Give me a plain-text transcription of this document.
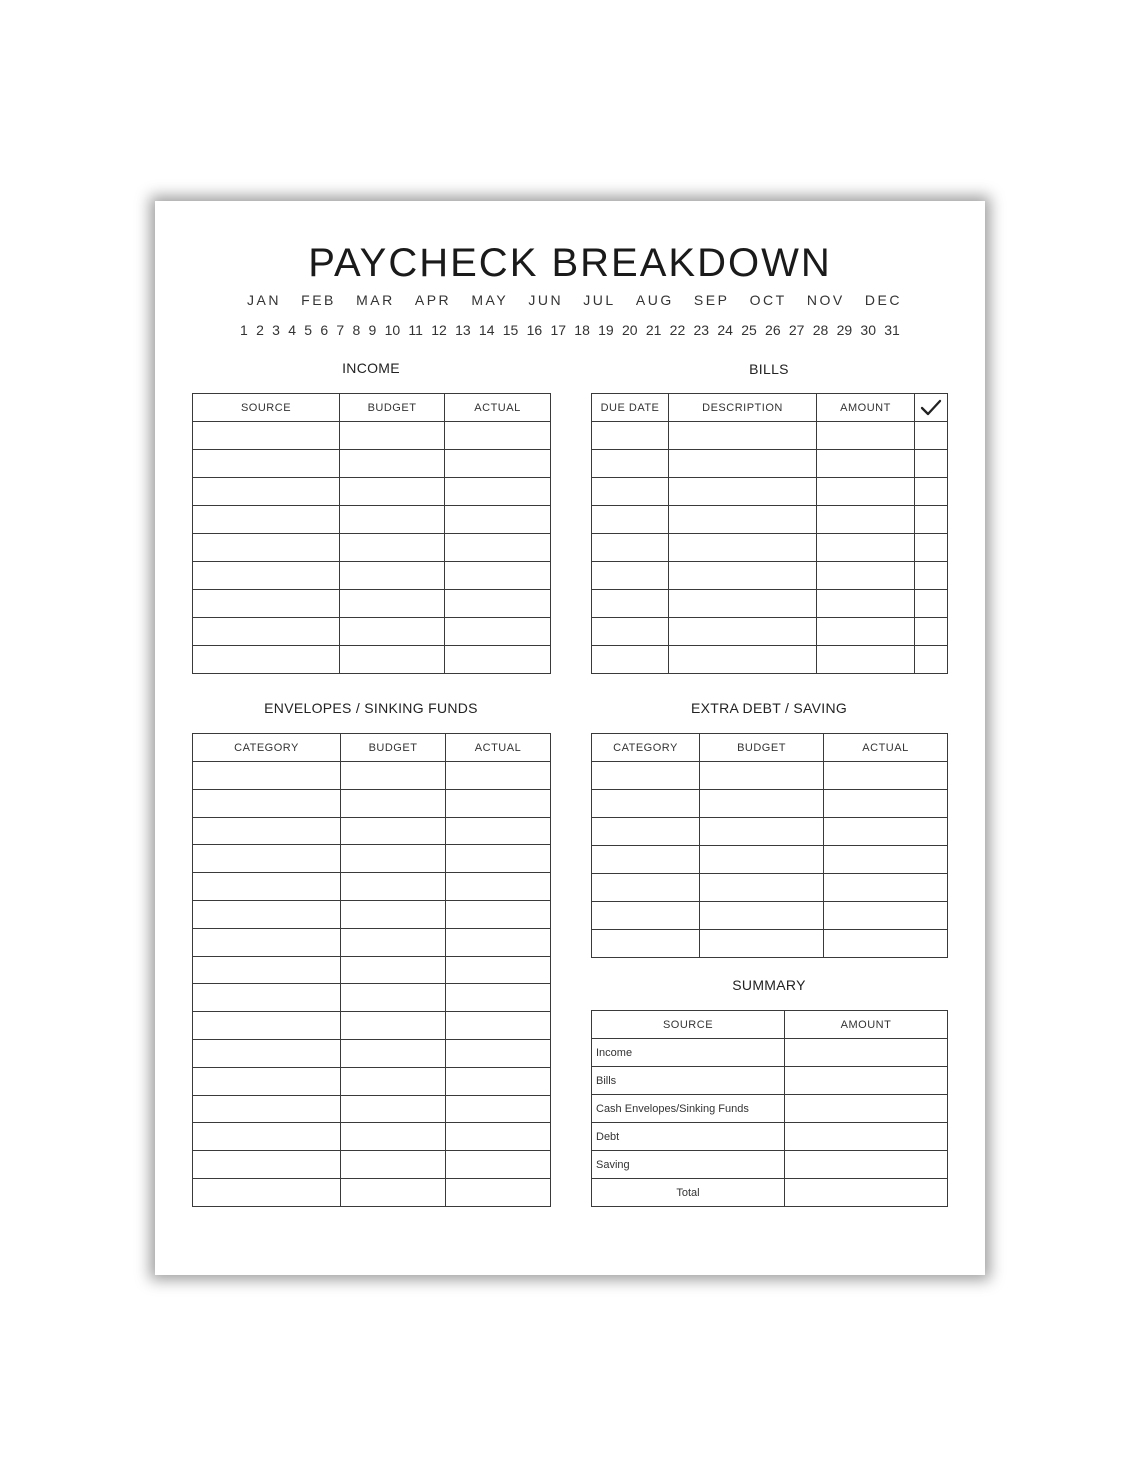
PAYCHECK BREAKDOWN
JAN FEB MAR APR MAY JUN JUL AUG SEP OCT NOV DEC
1 2 3 4 5 6 7 8 9 10 11 12 13 14 15 16 17 18 19 20 21 22 23 24 25 26 27 28 29 30 31
INCOME
SOURCE	BUDGET	ACTUAL

BILLS
DUE DATE	DESCRIPTION	AMOUNT	

ENVELOPES / SINKING FUNDS
CATEGORY	BUDGET	ACTUAL

EXTRA DEBT / SAVING
CATEGORY	BUDGET	ACTUAL

SUMMARY
SOURCE	AMOUNT
Income	
Bills	
Cash Envelopes/Sinking Funds	
Debt	
Saving	
Total	
